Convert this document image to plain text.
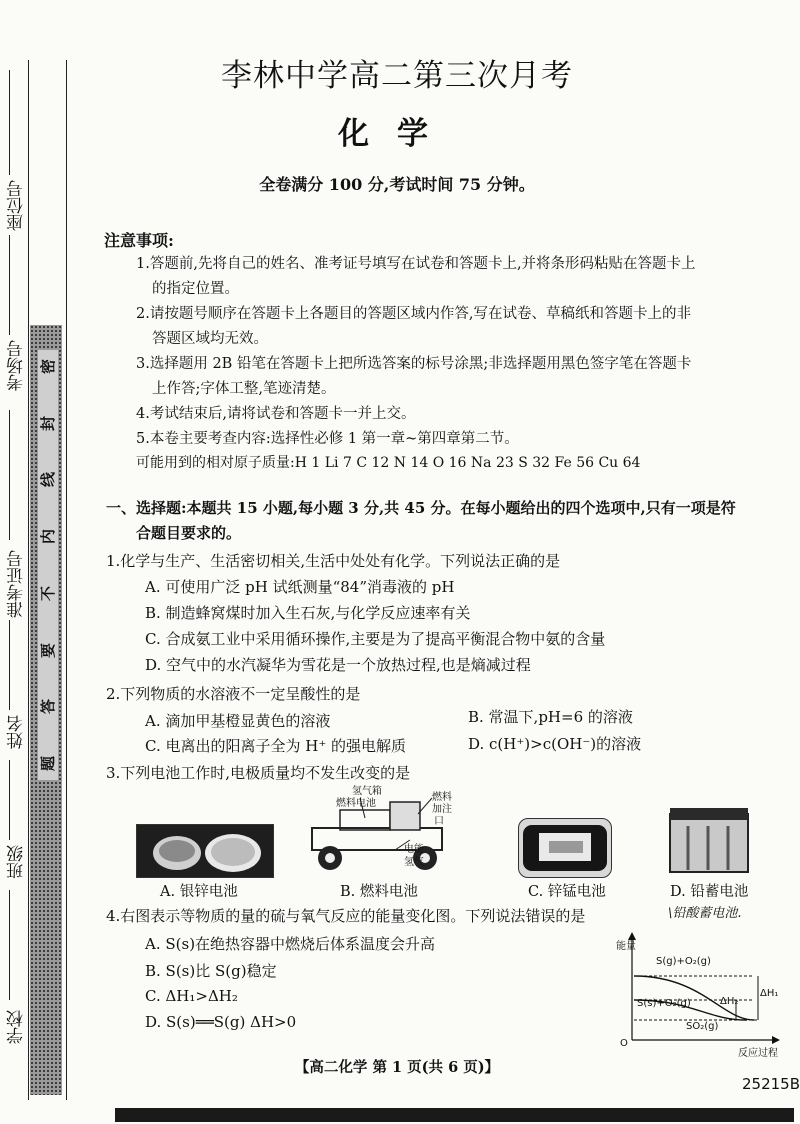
密
封
线
内
不
要
答
题
座位号
考场号
准考证号
姓名
班级
学校
李林中学高二第三次月考
化学
全卷满分 100 分,考试时间 75 分钟。
注意事项:
1.答题前,先将自己的姓名、准考证号填写在试卷和答题卡上,并将条形码粘贴在答题卡上
的指定位置。
2.请按题号顺序在答题卡上各题目的答题区域内作答,写在试卷、草稿纸和答题卡上的非
答题区域均无效。
3.选择题用 2B 铅笔在答题卡上把所选答案的标号涂黑;非选择题用黑色签字笔在答题卡
上作答;字体工整,笔迹清楚。
4.考试结束后,请将试卷和答题卡一并上交。
5.本卷主要考查内容:选择性必修 1 第一章~第四章第二节。
可能用到的相对原子质量:H 1 Li 7 C 12 N 14 O 16 Na 23 S 32 Fe 56 Cu 64
一、选择题:本题共 15 小题,每小题 3 分,共 45 分。在每小题给出的四个选项中,只有一项是符
合题目要求的。
1.化学与生产、生活密切相关,生活中处处有化学。下列说法正确的是
A. 可使用广泛 pH 试纸测量“84”消毒液的 pH
B. 制造蜂窝煤时加入生石灰,与化学反应速率有关
C. 合成氨工业中采用循环操作,主要是为了提高平衡混合物中氨的含量
D. 空气中的水汽凝华为雪花是一个放热过程,也是熵减过程
2.下列物质的水溶液不一定呈酸性的是
A. 滴加甲基橙显黄色的溶液	B. 常温下,pH=6 的溶液
C. 电离出的阳离子全为 H⁺ 的强电解质	D. c(H⁺)>c(OH⁻)的溶液
3.下列电池工作时,电极质量均不发生改变的是
A. 银锌电池
氢气箱
燃料电池
燃料
加注
口
电能
氢气
B. 燃料电池	C. 锌锰电池	D. 铅蓄电池
\铅酸蓄电池.
4.右图表示等物质的量的硫与氧气反应的能量变化图。下列说法错误的是
A. S(s)在绝热容器中燃烧后体系温度会升高
B. S(s)比 S(g)稳定
C. ΔH₁>ΔH₂
D. S(s)══S(g) ΔH>0
能量
S(g)+O₂(g)
S(s)+O₂(g)
SO₂(g)
ΔH₂
ΔH₁
O
反应过程
【高二化学 第 1 页(共 6 页)】
25215B
